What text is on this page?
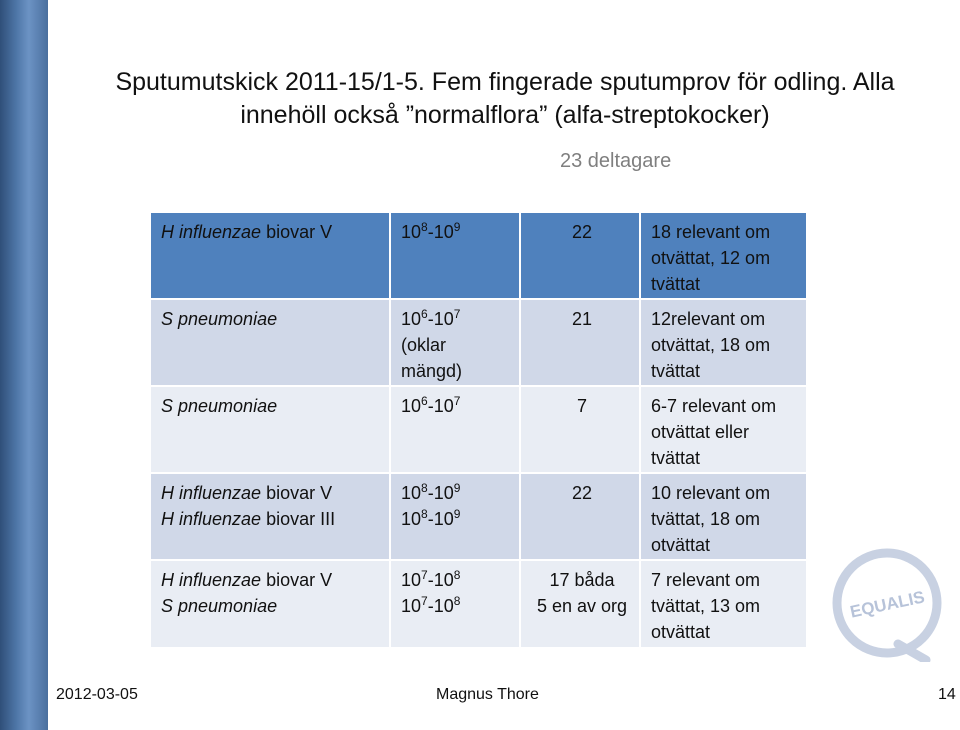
Sputumutskick 2011-15/1-5. Fem fingerade sputumprov för odling. Alla
innehöll också ”normalflora” (alfa-streptokocker)
23 deltagare
H influenzae biovar V	$10^8-10^9$	22	18 relevant om
otvättat, 12 om
tvättat

S pneumoniae	$10^6-10^7$
(oklar
mängd)	21	12relevant om
otvättat, 18 om
tvättat

S pneumoniae	$10^6-10^7$	7	6-7 relevant om
otvättat eller
tvättat

H influenzae biovar V
H influenzae biovar III	$10^8-10^9$
$10^8-10^9$	22	10 relevant om
tvättat, 18 om
otvättat

H influenzae biovar V
S pneumoniae	$10^7-10^8$
$10^7-10^8$	17 båda
5 en av org	7 relevant om
tvättat, 13 om
otvättat
EQUALIS
2012-03-05	Magnus Thore	14
